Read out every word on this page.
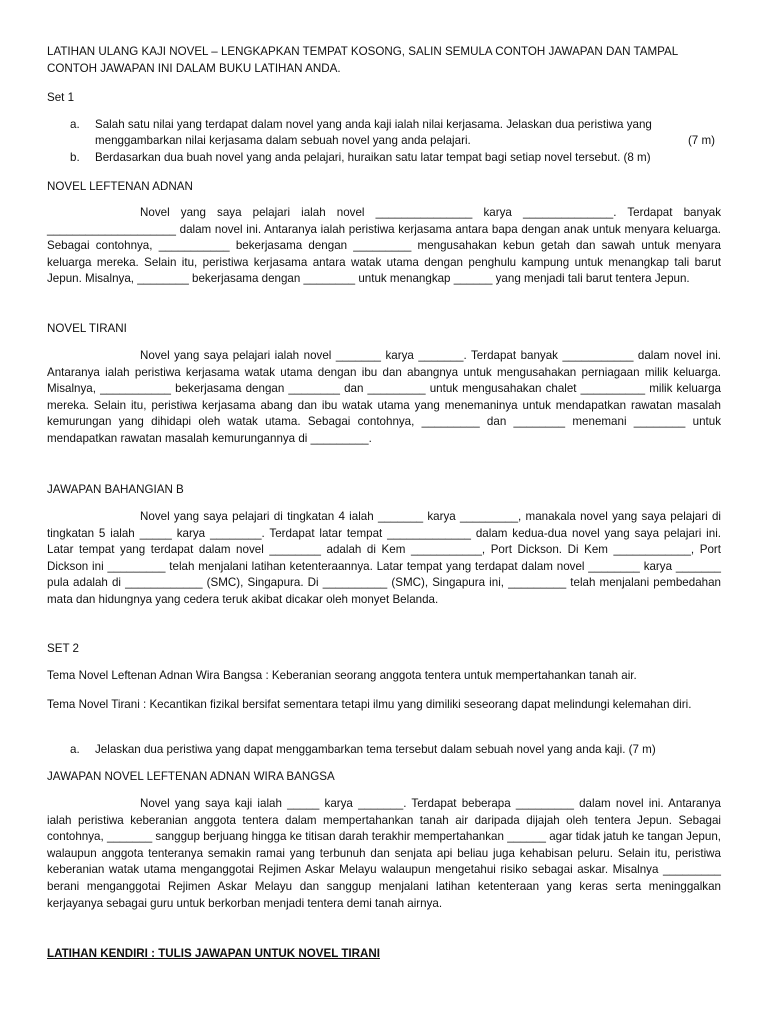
LATIHAN ULANG KAJI NOVEL – LENGKAPKAN TEMPAT KOSONG, SALIN SEMULA CONTOH JAWAPAN DAN TAMPAL

CONTOH JAWAPAN INI DALAM BUKU LATIHAN ANDA.

Set 1

a. Salah satu nilai yang terdapat dalam novel yang anda kaji ialah nilai kerjasama. Jelaskan dua peristiwa yang

menggambarkan nilai kerjasama dalam sebuah novel yang anda pelajari.	(7 m)

b. Berdasarkan dua buah novel yang anda pelajari, huraikan satu latar tempat bagi setiap novel tersebut. (8 m)

NOVEL LEFTENAN ADNAN

Novel yang saya pelajari ialah novel _______________ karya ______________. Terdapat banyak ____________________ dalam novel ini. Antaranya ialah peristiwa kerjasama antara bapa dengan anak untuk menyara keluarga. Sebagai contohnya, ___________ bekerjasama dengan _________ mengusahakan kebun getah dan sawah untuk menyara keluarga mereka. Selain itu, peristiwa kerjasama antara watak utama dengan penghulu kampung untuk menangkap tali barut Jepun. Misalnya, ________ bekerjasama dengan ________ untuk menangkap ______ yang menjadi tali barut tentera Jepun.

NOVEL TIRANI

Novel yang saya pelajari ialah novel _______ karya _______. Terdapat banyak ___________ dalam novel ini. Antaranya ialah peristiwa kerjasama watak utama dengan ibu dan abangnya untuk mengusahakan perniagaan milik keluarga. Misalnya, ___________ bekerjasama dengan ________ dan _________ untuk mengusahakan chalet __________ milik keluarga mereka. Selain itu, peristiwa kerjasama abang dan ibu watak utama yang menemaninya untuk mendapatkan rawatan masalah kemurungan yang dihidapi oleh watak utama. Sebagai contohnya, _________ dan ________ menemani ________ untuk mendapatkan rawatan masalah kemurungannya di _________.

JAWAPAN BAHANGIAN B

Novel yang saya pelajari di tingkatan 4 ialah _______ karya _________, manakala novel yang saya pelajari di tingkatan 5 ialah _____ karya ________. Terdapat latar tempat _____________ dalam kedua-dua novel yang saya pelajari ini. Latar tempat yang terdapat dalam novel ________ adalah di Kem ___________, Port Dickson. Di Kem ____________, Port Dickson ini _________ telah menjalani latihan ketenteraannya. Latar tempat yang terdapat dalam novel ________ karya _______ pula adalah di ____________ (SMC), Singapura. Di __________ (SMC), Singapura ini, _________ telah menjalani pembedahan mata dan hidungnya yang cedera teruk akibat dicakar oleh monyet Belanda.

SET 2

Tema Novel Leftenan Adnan Wira Bangsa : Keberanian seorang anggota tentera untuk mempertahankan tanah air.

Tema Novel Tirani : Kecantikan fizikal bersifat sementara tetapi ilmu yang dimiliki seseorang dapat melindungi kelemahan diri.

a. Jelaskan dua peristiwa yang dapat menggambarkan tema tersebut dalam sebuah novel yang anda kaji. (7 m)

JAWAPAN NOVEL LEFTENAN ADNAN WIRA BANGSA

Novel yang saya kaji ialah _____ karya _______. Terdapat beberapa _________ dalam novel ini. Antaranya ialah peristiwa keberanian anggota tentera dalam mempertahankan tanah air daripada dijajah oleh tentera Jepun. Sebagai contohnya, _______ sanggup berjuang hingga ke titisan darah terakhir mempertahankan ______ agar tidak jatuh ke tangan Jepun, walaupun anggota tenteranya semakin ramai yang terbunuh dan senjata api beliau juga kehabisan peluru. Selain itu, peristiwa keberanian watak utama menganggotai Rejimen Askar Melayu walaupun mengetahui risiko sebagai askar. Misalnya _________ berani menganggotai Rejimen Askar Melayu dan sanggup menjalani latihan ketenteraan yang keras serta meninggalkan kerjayanya sebagai guru untuk berkorban menjadi tentera demi tanah airnya.

LATIHAN KENDIRI : TULIS JAWAPAN UNTUK NOVEL TIRANI
